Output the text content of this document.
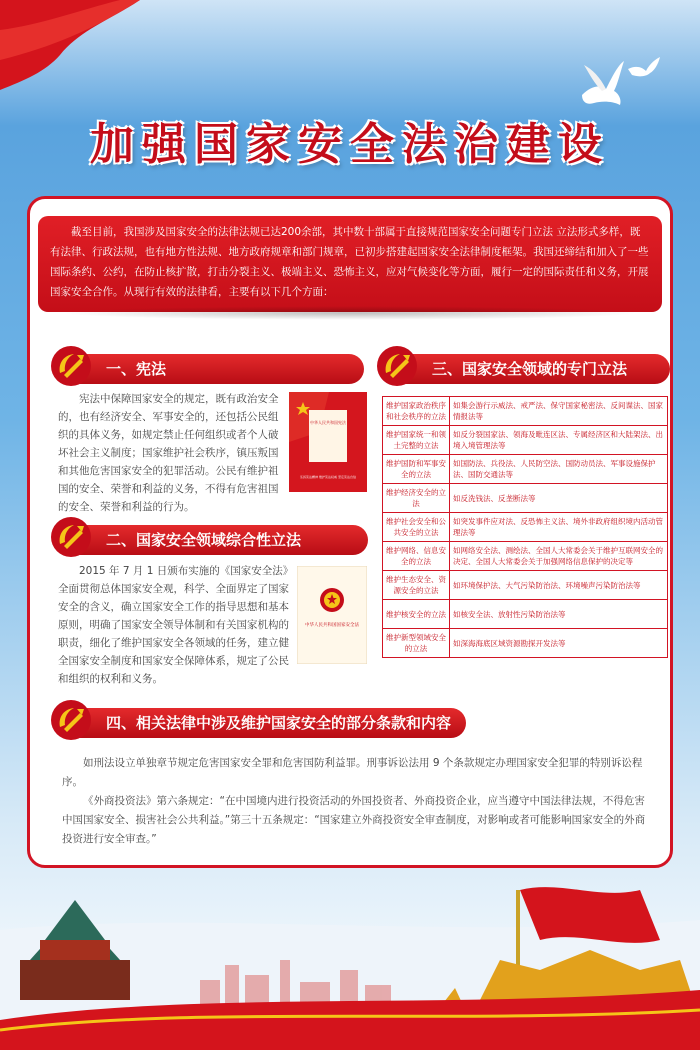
加强国家安全法治建设
截至目前，我国涉及国家安全的法律法规已达200余部，其中数十部属于直接规范国家安全问题专门立法 立法形式多样，既有法律、行政法规，也有地方性法规、地方政府规章和部门规章，已初步搭建起国家安全法律制度框架。我国还缔结和加入了一些国际条约、公约，在防止核扩散，打击分裂主义、极端主义、恐怖主义，应对气候变化等方面，履行一定的国际责任和义务，开展国家安全合作。从现行有效的法律看，主要有以下几个方面：
一、宪法
宪法中保障国家安全的规定，既有政治安全的，也有经济安全、军事安全的，还包括公民组织的具体义务，如规定禁止任何组织或者个人破坏社会主义制度；国家维护社会秩序，镇压叛国和其他危害国家安全的犯罪活动。公民有维护祖国的安全、荣誉和利益的义务，不得有危害祖国的安全、荣誉和利益的行为。
中华人民共和国宪法
弘扬宪法精神 维护宪法权威 坚定宪法自信
二、国家安全领域综合性立法
2015 年 7 月 1 日颁布实施的《国家安全法》全面贯彻总体国家安全观，科学、全面界定了国家安全的含义，确立国家安全工作的指导思想和基本原则，明确了国家安全领导体制和有关国家机构的职责，细化了维护国家安全各领域的任务，建立健全国家安全制度和国家安全保障体系，规定了公民和组织的权利和义务。
中华人民共和国国家安全法
三、国家安全领域的专门立法
维护国家政治秩序和社会秩序的立法	如集会游行示威法、戒严法、保守国家秘密法、反间谍法、国家情报法等
维护国家统一和领土完整的立法	如反分裂国家法、领海及毗连区法、专属经济区和大陆架法、出境入境管理法等
维护国防和军事安全的立法	如国防法、兵役法、人民防空法、国防动员法、军事设施保护法、国防交通法等
维护经济安全的立法	如反洗钱法、反垄断法等
维护社会安全和公共安全的立法	如突发事件应对法、反恐怖主义法、境外非政府组织境内活动管理法等
维护网络、信息安全的立法	如网络安全法、测绘法、全国人大常委会关于维护互联网安全的决定、全国人大常委会关于加强网络信息保护的决定等
维护生态安全、资源安全的立法	如环境保护法、大气污染防治法、环境噪声污染防治法等
维护核安全的立法	如核安全法、放射性污染防治法等
维护新型领域安全的立法	如深海海底区域资源勘探开发法等
四、相关法律中涉及维护国家安全的部分条款和内容

如刑法设立单独章节规定危害国家安全罪和危害国防利益罪。刑事诉讼法用 9 个条款规定办理国家安全犯罪的特别诉讼程序。

《外商投资法》第六条规定：“在中国境内进行投资活动的外国投资者、外商投资企业，应当遵守中国法律法规，不得危害中国国家安全、损害社会公共利益。”第三十五条规定：“国家建立外商投资安全审查制度，对影响或者可能影响国家安全的外商投资进行安全审查。”
